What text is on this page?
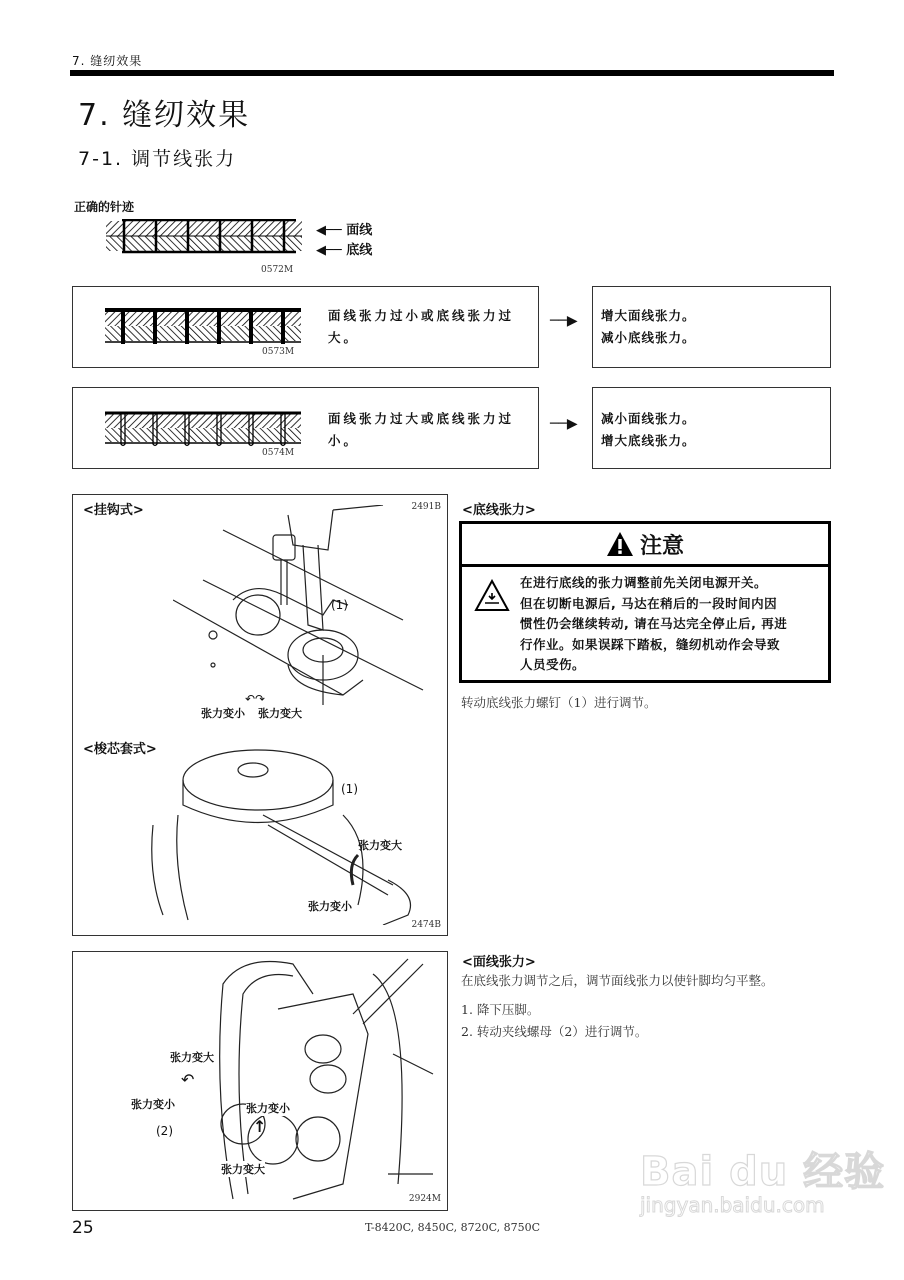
7. 缝纫效果
7. 缝纫效果
7-1. 调节线张力
正确的针迹
◀── 面线
◀── 底线
0572M
0573M
面线张力过小或底线张力过大。
──▶ 增大面线张力。
减小底线张力。
0574M
面线张力过大或底线张力过小。
──▶ 减小面线张力。
增大底线张力。
<挂钩式>	2491B
(1)
张力变小 张力变大
↶↷
<梭芯套式>
(1)
张力变大
张力变小
2474B
<底线张力>
注意
在进行底线的张力调整前先关闭电源开关。
但在切断电源后, 马达在稍后的一段时间内因
惯性仍会继续转动, 请在马达完全停止后, 再进
行作业。如果误踩下踏板，缝纫机动作会导致
人员受伤。
转动底线张力螺钉（1）进行调节。
张力变大
↶
张力变小	张力变小
(2)	↑
张力变大
2924M
<面线张力>
在底线张力调节之后，调节面线张力以使针脚均匀平整。
1. 降下压脚。
2. 转动夹线螺母（2）进行调节。
25	T-8420C, 8450C, 8720C, 8750C
Bai du 经验
jingyan.baidu.com
